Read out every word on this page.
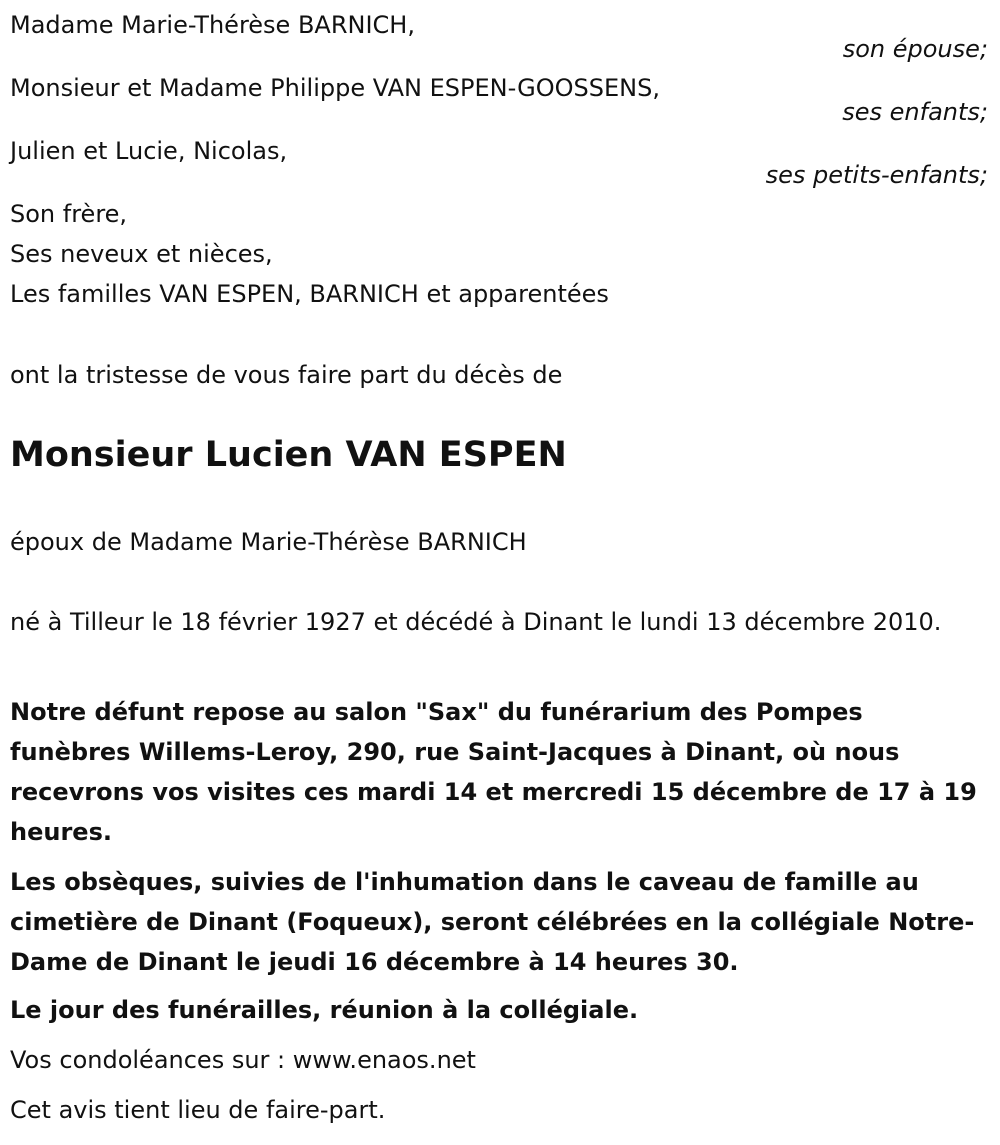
Madame Marie-Thérèse BARNICH,
son épouse;
Monsieur et Madame Philippe VAN ESPEN-GOOSSENS,
ses enfants;
Julien et Lucie, Nicolas,
ses petits-enfants;
Son frère,
Ses neveux et nièces,
Les familles VAN ESPEN, BARNICH et apparentées
ont la tristesse de vous faire part du décès de
Monsieur Lucien VAN ESPEN
époux de Madame Marie-Thérèse BARNICH
né à Tilleur le 18 février 1927 et décédé à Dinant le lundi 13 décembre 2010.
Notre défunt repose au salon "Sax" du funérarium des Pompes funèbres Willems-Leroy, 290, rue Saint-Jacques à Dinant, où nous recevrons vos visites ces mardi 14 et mercredi 15 décembre de 17 à 19 heures.
Les obsèques, suivies de l'inhumation dans le caveau de famille au cimetière de Dinant (Foqueux), seront célébrées en la collégiale Notre-Dame de Dinant le jeudi 16 décembre à 14 heures 30.
Le jour des funérailles, réunion à la collégiale.
Vos condoléances sur : www.enaos.net
Cet avis tient lieu de faire-part.
